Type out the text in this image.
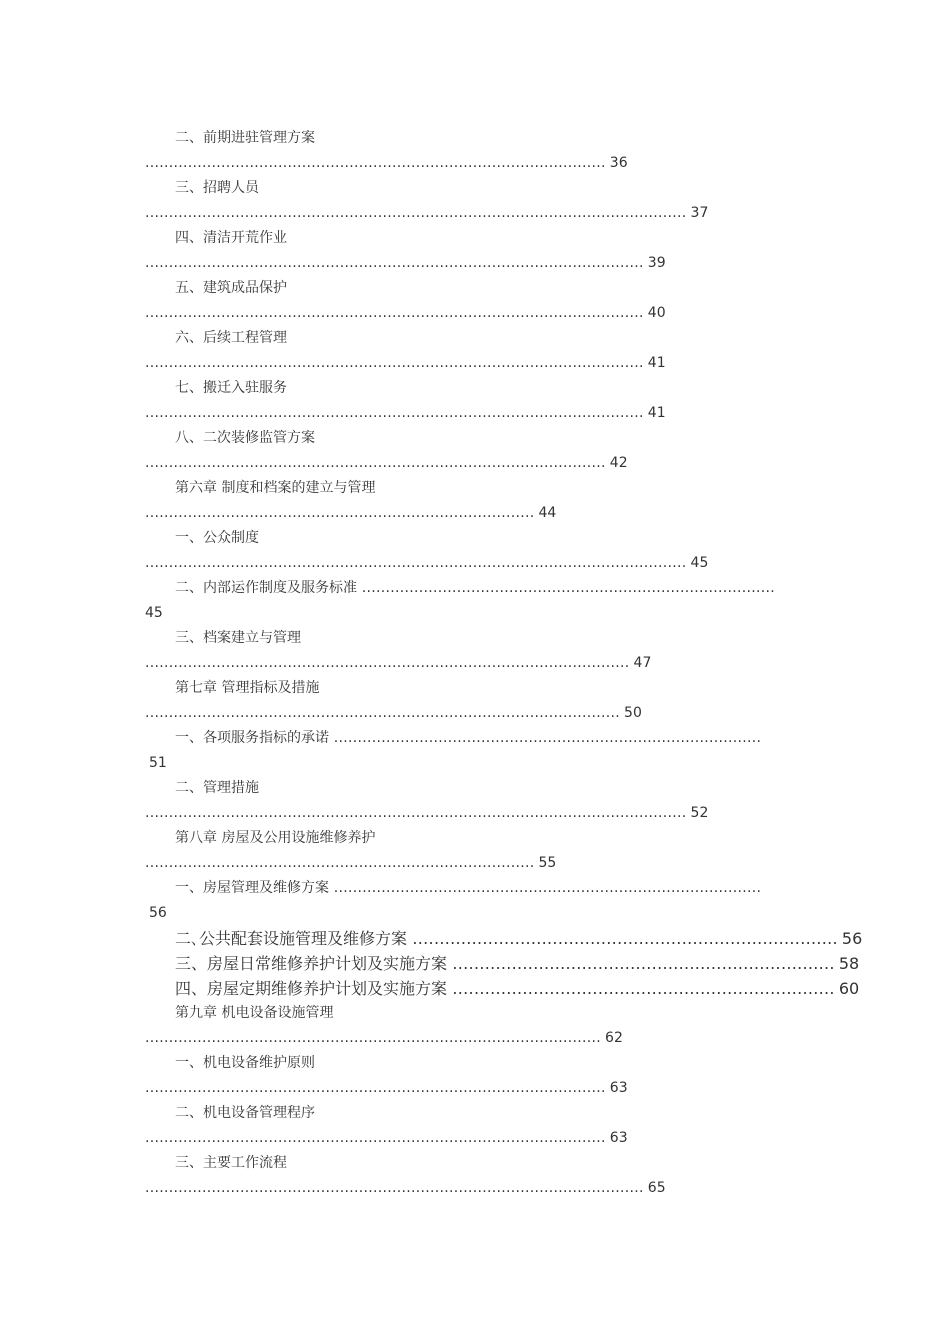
二、前期进驻管理方案
................................................................................................. 36
三、招聘人员
.................................................................................................................. 37
四、清洁开荒作业
......................................................................................................... 39
五、建筑成品保护
......................................................................................................... 40
六、后续工程管理
......................................................................................................... 41
七、搬迁入驻服务
......................................................................................................... 41
八、二次装修监管方案
................................................................................................. 42
第六章 制度和档案的建立与管理
.................................................................................. 44
一、公众制度
.................................................................................................................. 45
二、内部运作制度及服务标准 .......................................................................................
45
三、档案建立与管理
...................................................................................................... 47
第七章 管理指标及措施
.................................................................................................... 50
一、各项服务指标的承诺 ..........................................................................................
51
二、管理措施
.................................................................................................................. 52
第八章 房屋及公用设施维修养护
.................................................................................. 55
一、房屋管理及维修方案 ..........................................................................................
56
二､公共配套设施管理及维修方案 ............................................................................... 56
三、房屋日常维修养护计划及实施方案 ....................................................................... 58
四、房屋定期维修养护计划及实施方案 ....................................................................... 60
第九章 机电设备设施管理
................................................................................................ 62
一、机电设备维护原则
................................................................................................. 63
二、机电设备管理程序
................................................................................................. 63
三、主要工作流程
......................................................................................................... 65
